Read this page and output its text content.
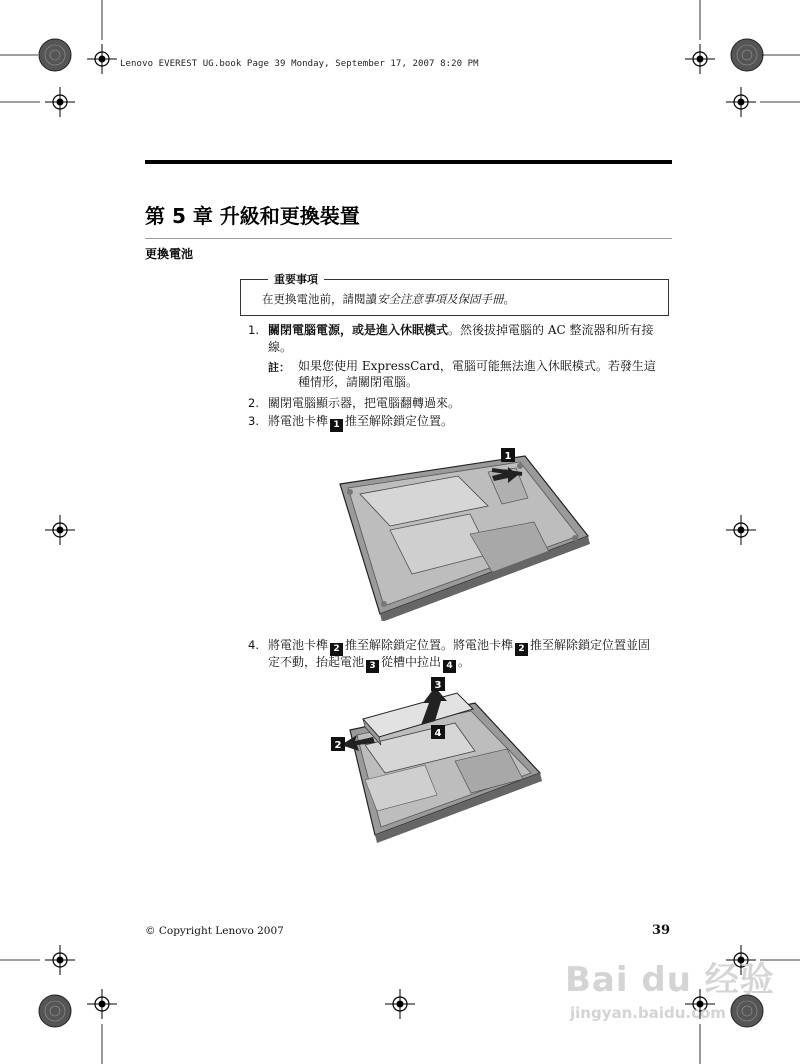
Lenovo EVEREST UG.book Page 39 Monday, September 17, 2007 8:20 PM
第 5 章 升級和更換裝置
更換電池
重要事項
在更換電池前，請閱讀安全注意事項及保固手冊。
1. 關閉電腦電源，或是進入休眠模式。然後拔掉電腦的 AC 整流器和所有接
線。
註： 如果您使用 ExpressCard，電腦可能無法進入休眠模式。若發生這
種情形，請關閉電腦。
2. 關閉電腦顯示器，把電腦翻轉過來。
3. 將電池卡榫 1 推至解除鎖定位置。
1
4. 將電池卡榫 2 推至解除鎖定位置。將電池卡榫 2 推至解除鎖定位置並固
定不動，抬起電池 3 從槽中拉出 4 。
3
2
4
© Copyright Lenovo 2007	39
Bai du 经验
jingyan.baidu.com
